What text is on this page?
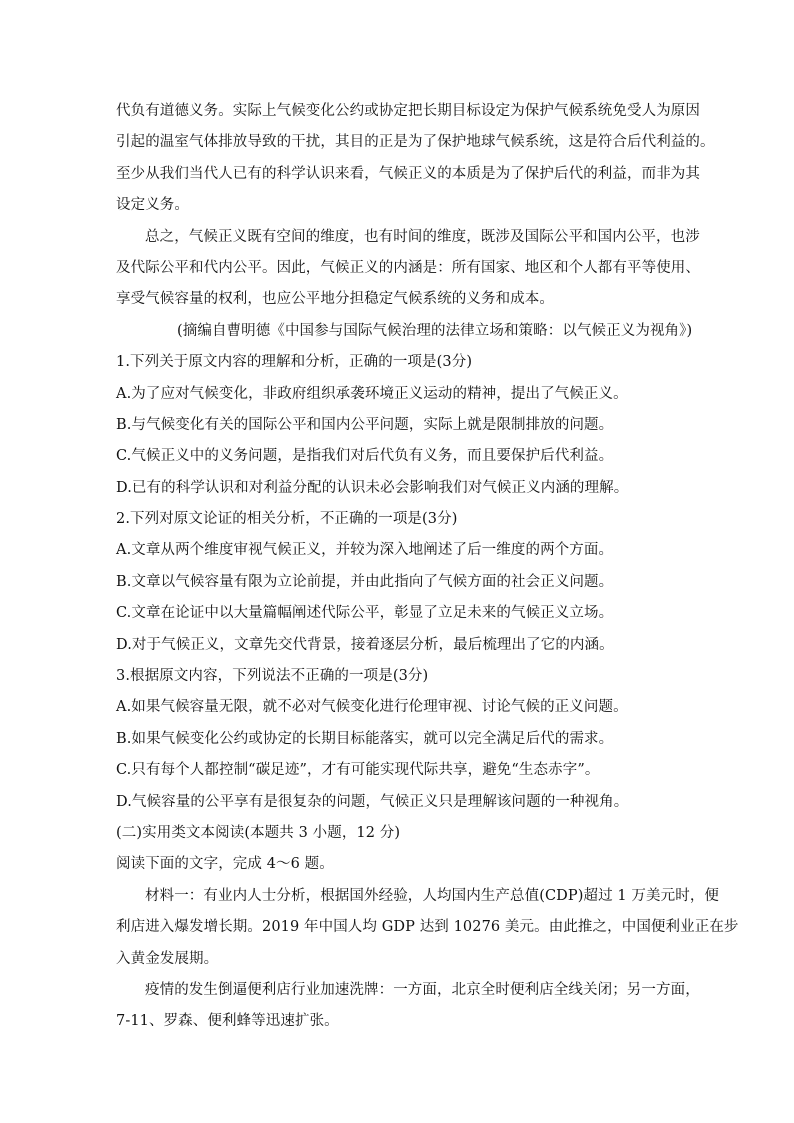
代负有道德义务。实际上气候变化公约或协定把长期目标设定为保护气候系统免受人为原因
引起的温室气体排放导致的干扰，其目的正是为了保护地球气候系统，这是符合后代利益的。
至少从我们当代人已有的科学认识来看，气候正义的本质是为了保护后代的利益，而非为其
设定义务。
总之，气候正义既有空间的维度，也有时间的维度，既涉及国际公平和国内公平，也涉
及代际公平和代内公平。因此，气候正义的内涵是：所有国家、地区和个人都有平等使用、
享受气候容量的权利，也应公平地分担稳定气候系统的义务和成本。
(摘编自曹明德《中国参与国际气候治理的法律立场和策略：以气候正义为视角》)
1.下列关于原文内容的理解和分析，正确的一项是(3分)
A.为了应对气候变化，非政府组织承袭环境正义运动的精神，提出了气候正义。
B.与气候变化有关的国际公平和国内公平问题，实际上就是限制排放的问题。
C.气候正义中的义务问题，是指我们对后代负有义务，而且要保护后代利益。
D.已有的科学认识和对利益分配的认识未必会影响我们对气候正义内涵的理解。
2.下列对原文论证的相关分析，不正确的一项是(3分)
A.文章从两个维度审视气候正义，并较为深入地阐述了后一维度的两个方面。
B.文章以气候容量有限为立论前提，并由此指向了气候方面的社会正义问题。
C.文章在论证中以大量篇幅阐述代际公平，彰显了立足未来的气候正义立场。
D.对于气候正义，文章先交代背景，接着逐层分析，最后梳理出了它的内涵。
3.根据原文内容，下列说法不正确的一项是(3分)
A.如果气候容量无限，就不必对气候变化进行伦理审视、讨论气候的正义问题。
B.如果气候变化公约或协定的长期目标能落实，就可以完全满足后代的需求。
C.只有每个人都控制“碳足迹”，才有可能实现代际共享，避免“生态赤字”。
D.气候容量的公平享有是很复杂的问题，气候正义只是理解该问题的一种视角。
(二)实用类文本阅读(本题共 3 小题，12 分)
阅读下面的文字，完成 4～6 题。
材料一：有业内人士分析，根据国外经验，人均国内生产总值(CDP)超过 1 万美元时，便
利店进入爆发增长期。2019 年中国人均 GDP 达到 10276 美元。由此推之，中国便利业正在步
入黄金发展期。
疫情的发生倒逼便利店行业加速洗牌：一方面，北京全时便利店全线关闭；另一方面，
7-11、罗森、便利蜂等迅速扩张。
